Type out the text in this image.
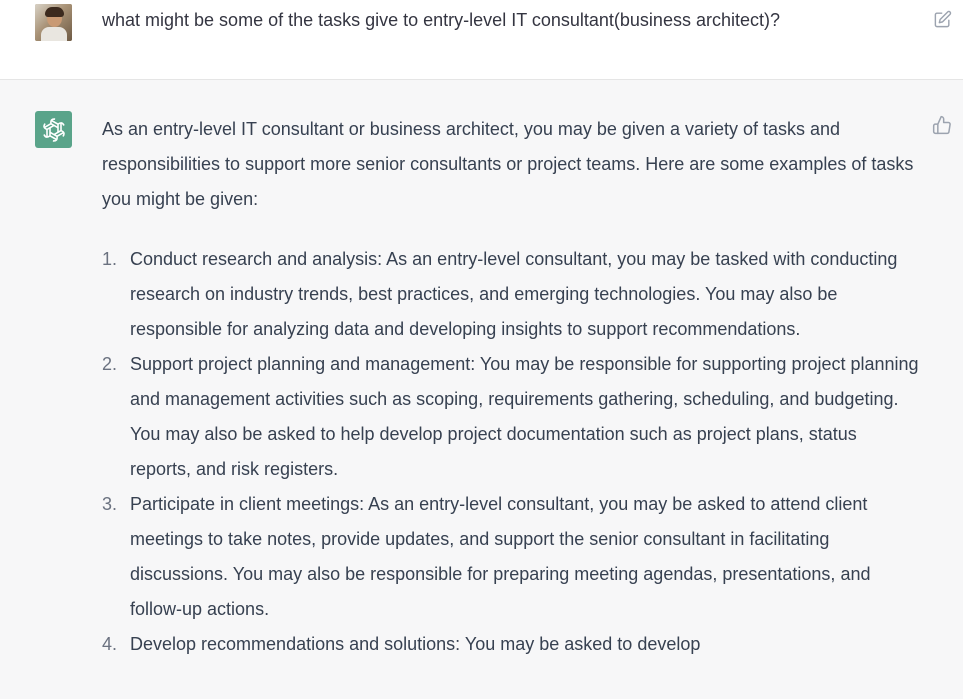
what might be some of the tasks give to entry-level IT consultant(business architect)?

As an entry-level IT consultant or business architect, you may be given a variety of tasks and responsibilities to support more senior consultants or project teams. Here are some examples of tasks you might be given:

1. Conduct research and analysis: As an entry-level consultant, you may be tasked with conducting research on industry trends, best practices, and emerging technologies. You may also be responsible for analyzing data and developing insights to support recommendations.
2. Support project planning and management: You may be responsible for supporting project planning and management activities such as scoping, requirements gathering, scheduling, and budgeting. You may also be asked to help develop project documentation such as project plans, status reports, and risk registers.
3. Participate in client meetings: As an entry-level consultant, you may be asked to attend client meetings to take notes, provide updates, and support the senior consultant in facilitating discussions. You may also be responsible for preparing meeting agendas, presentations, and follow-up actions.
4. Develop recommendations and solutions: You may be asked to develop
